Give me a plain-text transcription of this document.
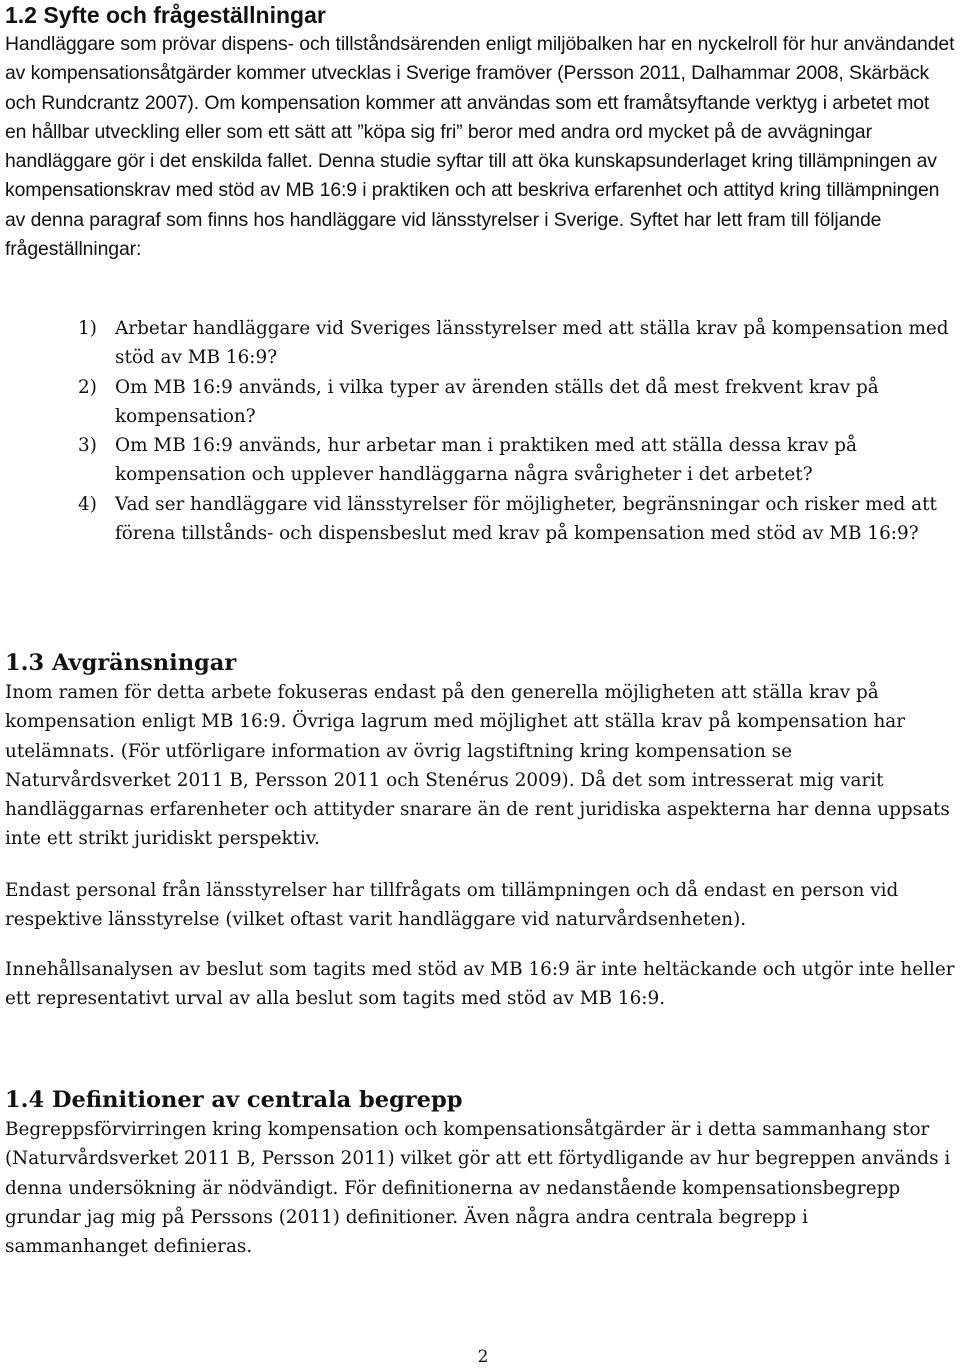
1.2 Syfte och frågeställningar

Handläggare som prövar dispens- och tillståndsärenden enligt miljöbalken har en nyckelroll för hur användandet av kompensationsåtgärder kommer utvecklas i Sverige framöver (Persson 2011, Dalhammar 2008, Skärbäck och Rundcrantz 2007). Om kompensation kommer att användas som ett framåtsyftande verktyg i arbetet mot en hållbar utveckling eller som ett sätt att ”köpa sig fri” beror med andra ord mycket på de avvägningar handläggare gör i det enskilda fallet. Denna studie syftar till att öka kunskapsunderlaget kring tillämpningen av kompensationskrav med stöd av MB 16:9 i praktiken och att beskriva erfarenhet och attityd kring tillämpningen av denna paragraf som finns hos handläggare vid länsstyrelser i Sverige. Syftet har lett fram till följande frågeställningar:

1) Arbetar handläggare vid Sveriges länsstyrelser med att ställa krav på kompensation med stöd av MB 16:9?
2) Om MB 16:9 används, i vilka typer av ärenden ställs det då mest frekvent krav på kompensation?
3) Om MB 16:9 används, hur arbetar man i praktiken med att ställa dessa krav på kompensation och upplever handläggarna några svårigheter i det arbetet?
4) Vad ser handläggare vid länsstyrelser för möjligheter, begränsningar och risker med att förena tillstånds- och dispensbeslut med krav på kompensation med stöd av MB 16:9?
1.3 Avgränsningar

Inom ramen för detta arbete fokuseras endast på den generella möjligheten att ställa krav på kompensation enligt MB 16:9. Övriga lagrum med möjlighet att ställa krav på kompensation har utelämnats. (För utförligare information av övrig lagstiftning kring kompensation se Naturvårdsverket 2011 B, Persson 2011 och Stenérus 2009). Då det som intresserat mig varit handläggarnas erfarenheter och attityder snarare än de rent juridiska aspekterna har denna uppsats inte ett strikt juridiskt perspektiv.

Endast personal från länsstyrelser har tillfrågats om tillämpningen och då endast en person vid respektive länsstyrelse (vilket oftast varit handläggare vid naturvårdsenheten).

Innehållsanalysen av beslut som tagits med stöd av MB 16:9 är inte heltäckande och utgör inte heller ett representativt urval av alla beslut som tagits med stöd av MB 16:9.

1.4 Definitioner av centrala begrepp

Begreppsförvirringen kring kompensation och kompensationsåtgärder är i detta sammanhang stor (Naturvårdsverket 2011 B, Persson 2011) vilket gör att ett förtydligande av hur begreppen används i denna undersökning är nödvändigt. För definitionerna av nedanstående kompensationsbegrepp grundar jag mig på Perssons (2011) definitioner. Även några andra centrala begrepp i sammanhanget definieras.

2
